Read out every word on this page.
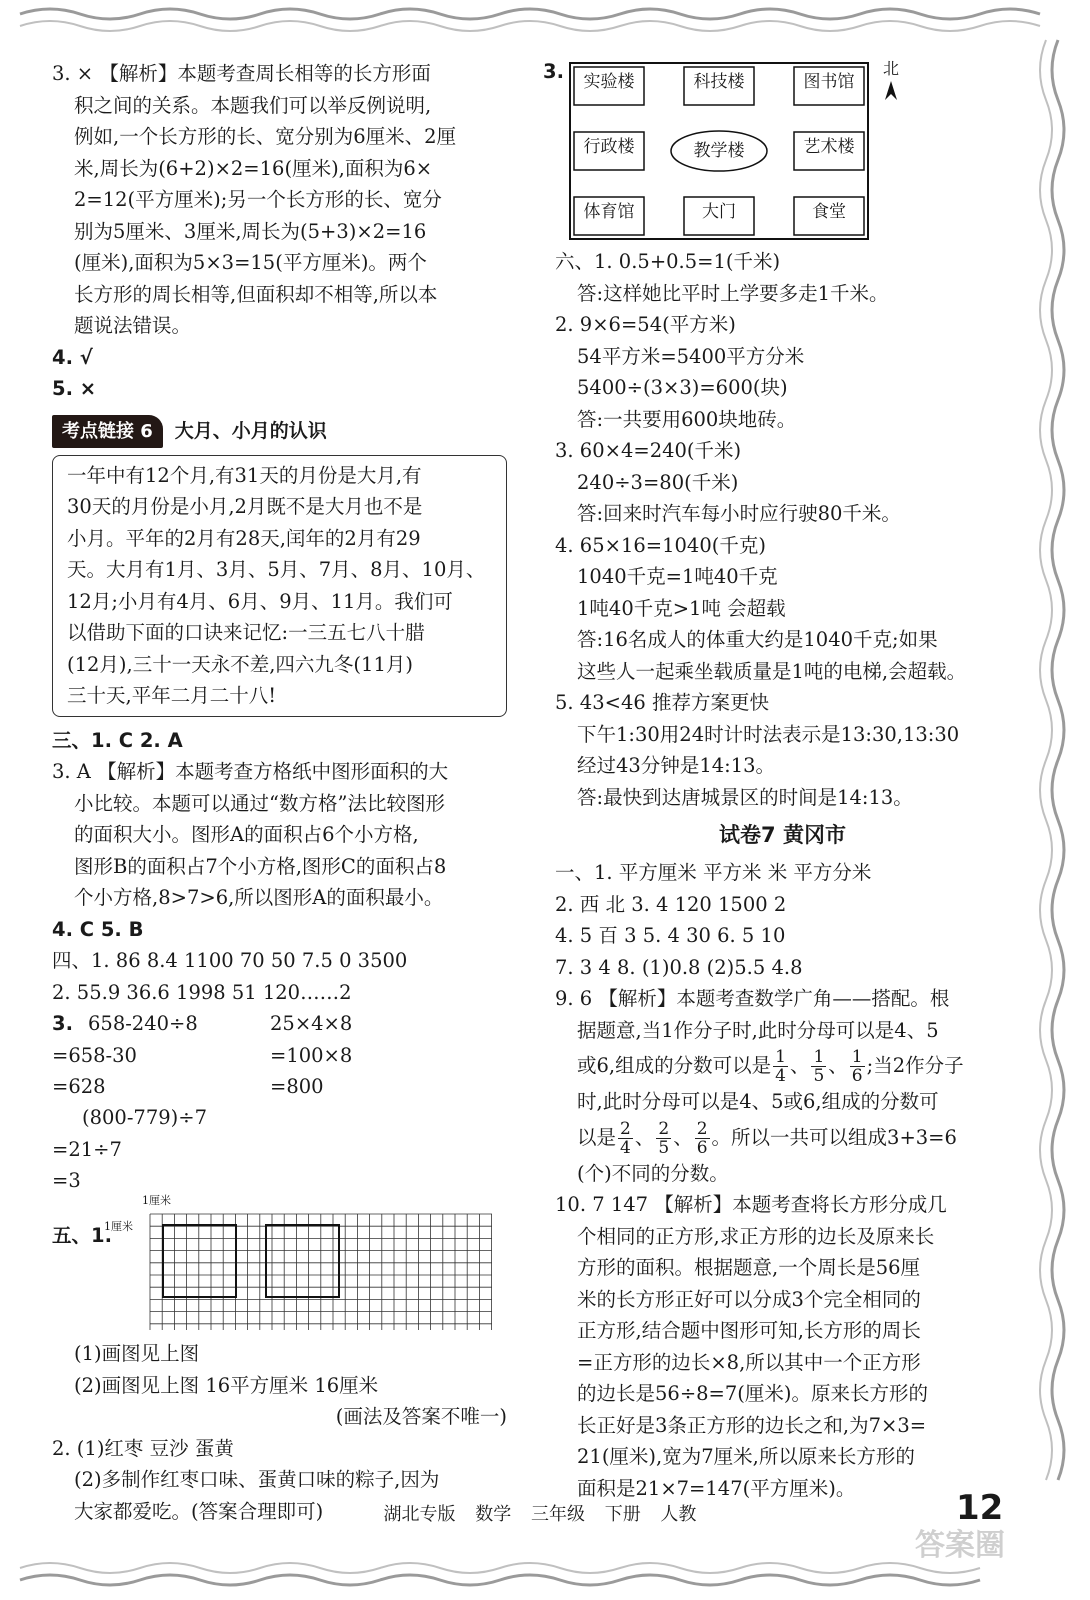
3. × 【解析】本题考查周长相等的长方形面
积之间的关系。本题我们可以举反例说明,
例如,一个长方形的长、宽分别为6厘米、2厘
米,周长为(6+2)×2=16(厘米),面积为6×
2=12(平方厘米);另一个长方形的长、宽分
别为5厘米、3厘米,周长为(5+3)×2=16
(厘米),面积为5×3=15(平方厘米)。两个
长方形的周长相等,但面积却不相等,所以本
题说法错误。
4. √
5. ×
考点链接 6	大月、小月的认识
一年中有12个月,有31天的月份是大月,有
30天的月份是小月,2月既不是大月也不是
小月。平年的2月有28天,闰年的2月有29
天。大月有1月、3月、5月、7月、8月、10月、
12月;小月有4月、6月、9月、11月。我们可
以借助下面的口诀来记忆:一三五七八十腊
(12月),三十一天永不差,四六九冬(11月)
三十天,平年二月二十八!
三、1. C 2. A
3. A 【解析】本题考查方格纸中图形面积的大
小比较。本题可以通过“数方格”法比较图形
的面积大小。图形A的面积占6个小方格,
图形B的面积占7个小方格,图形C的面积占8
个小方格,8>7>6,所以图形A的面积最小。
4. C 5. B
四、1. 86 8.4 1100 70 50 7.5 0 3500
2. 55.9 36.6 1998 51 120……2
3. 658-240÷8
=658-30
=628
25×4×8
=100×8
=800
(800-779)÷7
=21÷7
=3
五、1.
1厘米
1厘米
(1)画图见上图
(2)画图见上图 16平方厘米 16厘米
(画法及答案不唯一)
2. (1)红枣 豆沙 蛋黄
(2)多制作红枣口味、蛋黄口味的粽子,因为
大家都爱吃。(答案合理即可)
3.	实验楼	科技楼	图书馆
行政楼	教学楼	艺术楼
体育馆	大门	食堂
北
六、1. 0.5+0.5=1(千米)
答:这样她比平时上学要多走1千米。
2. 9×6=54(平方米)
54平方米=5400平方分米
5400÷(3×3)=600(块)
答:一共要用600块地砖。
3. 60×4=240(千米)
240÷3=80(千米)
答:回来时汽车每小时应行驶80千米。
4. 65×16=1040(千克)
1040千克=1吨40千克
1吨40千克>1吨 会超载
答:16名成人的体重大约是1040千克;如果
这些人一起乘坐载质量是1吨的电梯,会超载。
5. 43<46 推荐方案更快
下午1:30用24时计时法表示是13:30,13:30
经过43分钟是14:13。
答:最快到达唐城景区的时间是14:13。
试卷7 黄冈市
一、1. 平方厘米 平方米 米 平方分米
2. 西 北 3. 4 120 1500 2
4. 5 百 3 5. 4 30 6. 5 10
7. 3 4 8. (1)0.8 (2)5.5 4.8
9. 6 【解析】本题考查数学广角——搭配。根
据题意,当1作分子时,此时分母可以是4、5
或6,组成的分数可以是 $\frac{1}{4}$ 、 $\frac{1}{5}$ 、 $\frac{1}{6}$ ;当2作分子
时,此时分母可以是4、5或6,组成的分数可
以是 $\frac{2}{4}$ 、 $\frac{2}{5}$ 、 $\frac{2}{6}$ 。所以一共可以组成3+3=6
(个)不同的分数。
10. 7 147 【解析】本题考查将长方形分成几
个相同的正方形,求正方形的边长及原来长
方形的面积。根据题意,一个周长是56厘
米的长方形正好可以分成3个完全相同的
正方形,结合题中图形可知,长方形的周长
=正方形的边长×8,所以其中一个正方形
的边长是56÷8=7(厘米)。原来长方形的
长正好是3条正方形的边长之和,为7×3=
21(厘米),宽为7厘米,所以原来长方形的
面积是21×7=147(平方厘米)。
湖北专版 数学 三年级 下册 人教	12
答案圈
